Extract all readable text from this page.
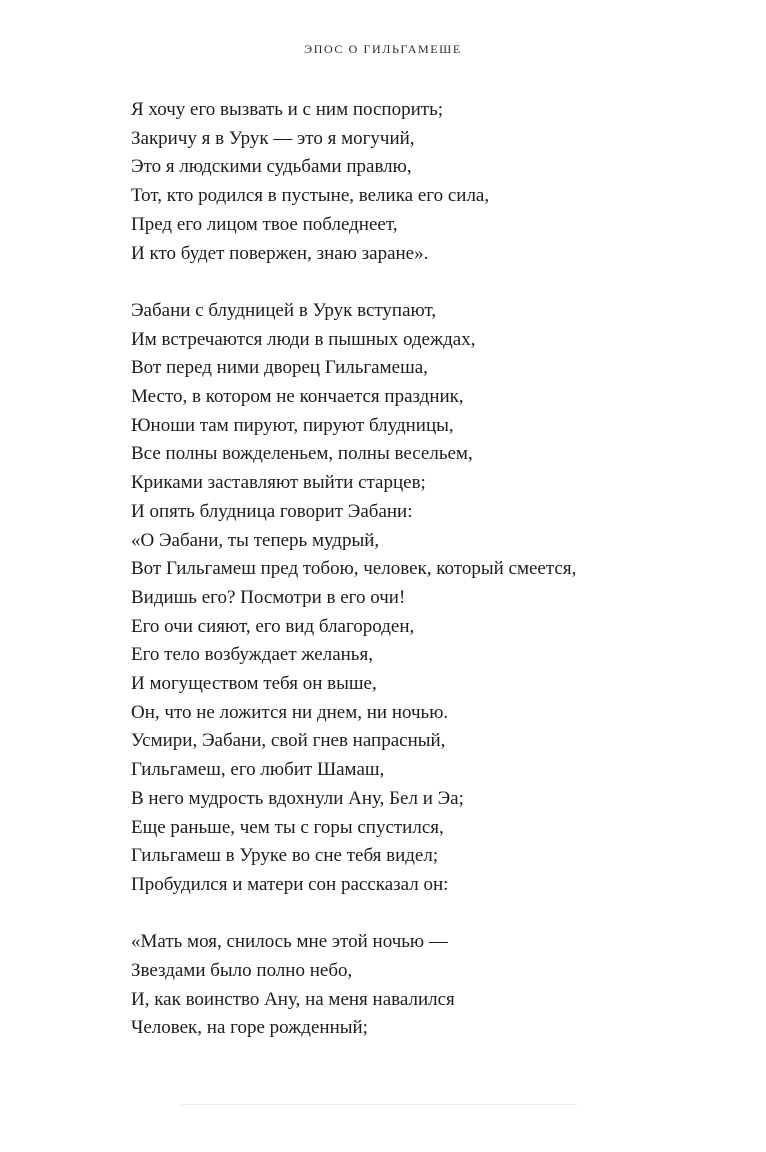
ЭПОС О ГИЛЬГАМЕШЕ
Я хочу его вызвать и с ним поспорить;
Закричу я в Урук — это я могучий,
Это я людскими судьбами правлю,
Тот, кто родился в пустыне, велика его сила,
Пред его лицом твое побледнеет,
И кто будет повержен, знаю заране».
Эабани с блудницей в Урук вступают,
Им встречаются люди в пышных одеждах,
Вот перед ними дворец Гильгамеша,
Место, в котором не кончается праздник,
Юноши там пируют, пируют блудницы,
Все полны вожделеньем, полны весельем,
Криками заставляют выйти старцев;
И опять блудница говорит Эабани:
«О Эабани, ты теперь мудрый,
Вот Гильгамеш пред тобою, человек, который смеется,
Видишь его? Посмотри в его очи!
Его очи сияют, его вид благороден,
Его тело возбуждает желанья,
И могуществом тебя он выше,
Он, что не ложится ни днем, ни ночью.
Усмири, Эабани, свой гнев напрасный,
Гильгамеш, его любит Шамаш,
В него мудрость вдохнули Ану, Бел и Эа;
Еще раньше, чем ты с горы спустился,
Гильгамеш в Уруке во сне тебя видел;
Пробудился и матери сон рассказал он:
«Мать моя, снилось мне этой ночью —
Звездами было полно небо,
И, как воинство Ану, на меня навалился
Человек, на горе рожденный;
